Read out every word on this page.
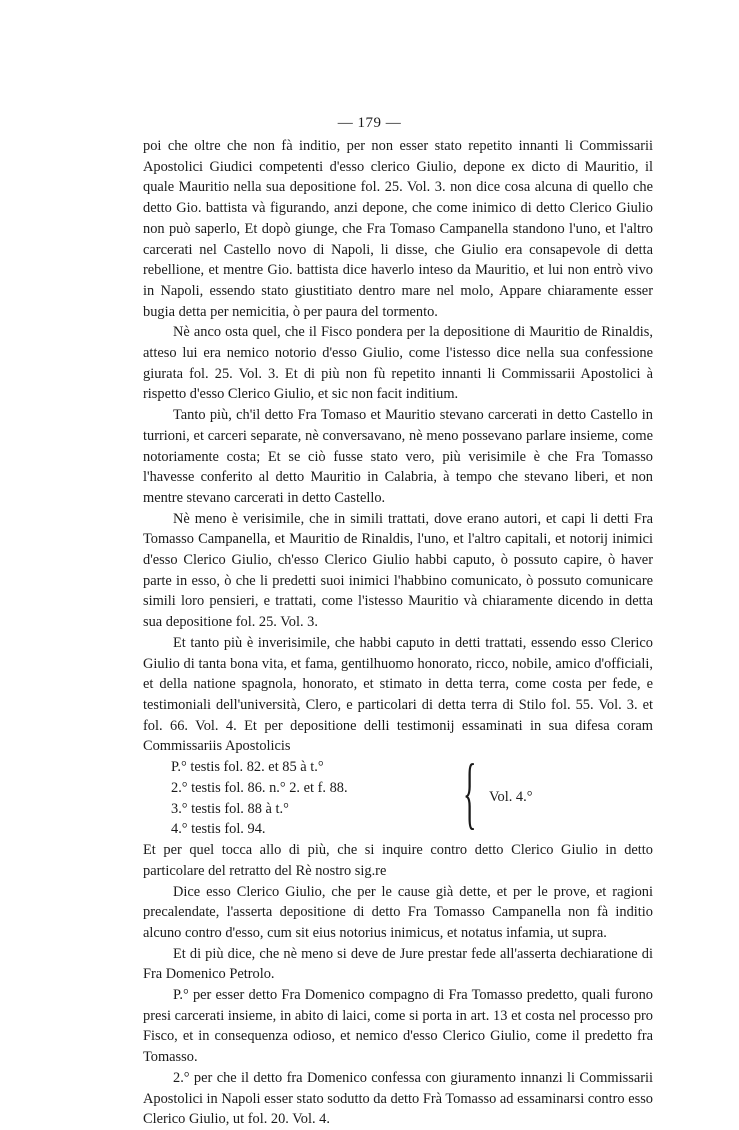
— 179 —

poi che oltre che non fà inditio, per non esser stato repetito innanti li Commissarii Apostolici Giudici competenti d'esso clerico Giulio, depone ex dicto di Mauritio, il quale Mauritio nella sua depositione fol. 25. Vol. 3. non dice cosa alcuna di quello che detto Gio. battista và figurando, anzi depone, che come inimico di detto Clerico Giulio non può saperlo, Et dopò giunge, che Fra Tomaso Campanella standono l'uno, et l'altro carcerati nel Castello novo di Napoli, li disse, che Giulio era consapevole di detta rebellione, et mentre Gio. battista dice haverlo inteso da Mauritio, et lui non entrò vivo in Napoli, essendo stato giustitiato dentro mare nel molo, Appare chiaramente esser bugia detta per nemicitia, ò per paura del tormento.

Nè anco osta quel, che il Fisco pondera per la depositione di Mauritio de Rinaldis, atteso lui era nemico notorio d'esso Giulio, come l'istesso dice nella sua confessione giurata fol. 25. Vol. 3. Et di più non fù repetito innanti li Commissarii Apostolici à rispetto d'esso Clerico Giulio, et sic non facit inditium.

Tanto più, ch'il detto Fra Tomaso et Mauritio stevano carcerati in detto Castello in turrioni, et carceri separate, nè conversavano, nè meno possevano parlare insieme, come notoriamente costa; Et se ciò fusse stato vero, più verisimile è che Fra Tomasso l'havesse conferito al detto Mauritio in Calabria, à tempo che stevano liberi, et non mentre stevano carcerati in detto Castello.

Nè meno è verisimile, che in simili trattati, dove erano autori, et capi li detti Fra Tomasso Campanella, et Mauritio de Rinaldis, l'uno, et l'altro capitali, et notorij inimici d'esso Clerico Giulio, ch'esso Clerico Giulio habbi caputo, ò possuto capire, ò haver parte in esso, ò che li predetti suoi inimici l'habbino comunicato, ò possuto comunicare simili loro pensieri, e trattati, come l'istesso Mauritio và chiaramente dicendo in detta sua depositione fol. 25. Vol. 3.

Et tanto più è inverisimile, che habbi caputo in detti trattati, essendo esso Clerico Giulio di tanta bona vita, et fama, gentilhuomo honorato, ricco, nobile, amico d'officiali, et della natione spagnola, honorato, et stimato in detta terra, come costa per fede, e testimoniali dell'università, Clero, e particolari di detta terra di Stilo fol. 55. Vol. 3. et fol. 66. Vol. 4. Et per depositione delli testimonij essaminati in sua difesa coram Commissariis Apostolicis

P.° testis fol. 82. et 85 à t.°

2.° testis fol. 86. n.° 2. et f. 88.

3.° testis fol. 88 à t.°

4.° testis fol. 94.	{ Vol. 4.°

Et per quel tocca allo di più, che si inquire contro detto Clerico Giulio in detto particolare del retratto del Rè nostro sig.re

Dice esso Clerico Giulio, che per le cause già dette, et per le prove, et ragioni precalendate, l'asserta depositione di detto Fra Tomasso Campanella non fà inditio alcuno contro d'esso, cum sit eius notorius inimicus, et notatus infamia, ut supra.

Et di più dice, che nè meno si deve de Jure prestar fede all'asserta dechiaratione di Fra Domenico Petrolo.

P.° per esser detto Fra Domenico compagno di Fra Tomasso predetto, quali furono presi carcerati insieme, in abito di laici, come si porta in art. 13 et costa nel processo pro Fisco, et in consequenza odioso, et nemico d'esso Clerico Giulio, come il predetto fra Tomasso.

2.° per che il detto fra Domenico confessa con giuramento innanzi li Commissarii Apostolici in Napoli esser stato sodutto da detto Frà Tomasso ad essaminarsi contro esso Clerico Giulio, ut fol. 20. Vol. 4.
